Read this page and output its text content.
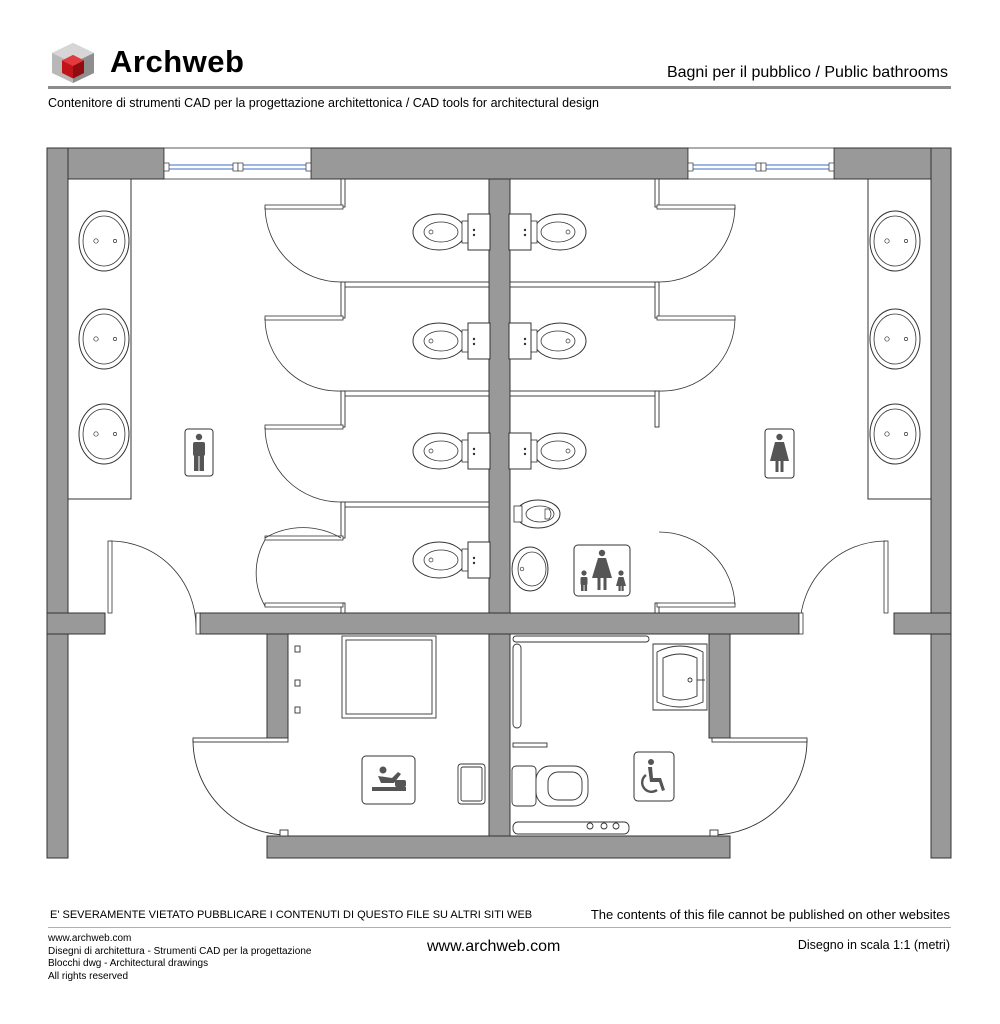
Archweb	Bagni per il pubblico / Public bathrooms
Contenitore di strumenti CAD per la progettazione architettonica / CAD tools for architectural design
E' SEVERAMENTE VIETATO PUBBLICARE I CONTENUTI DI QUESTO FILE SU ALTRI SITI WEB	The contents of this file cannot be published on other websites
www.archweb.com
Disegni di architettura - Strumenti CAD per la progettazione
Blocchi dwg - Architectural drawings
All rights reserved
www.archweb.com	Disegno in scala 1:1 (metri)
